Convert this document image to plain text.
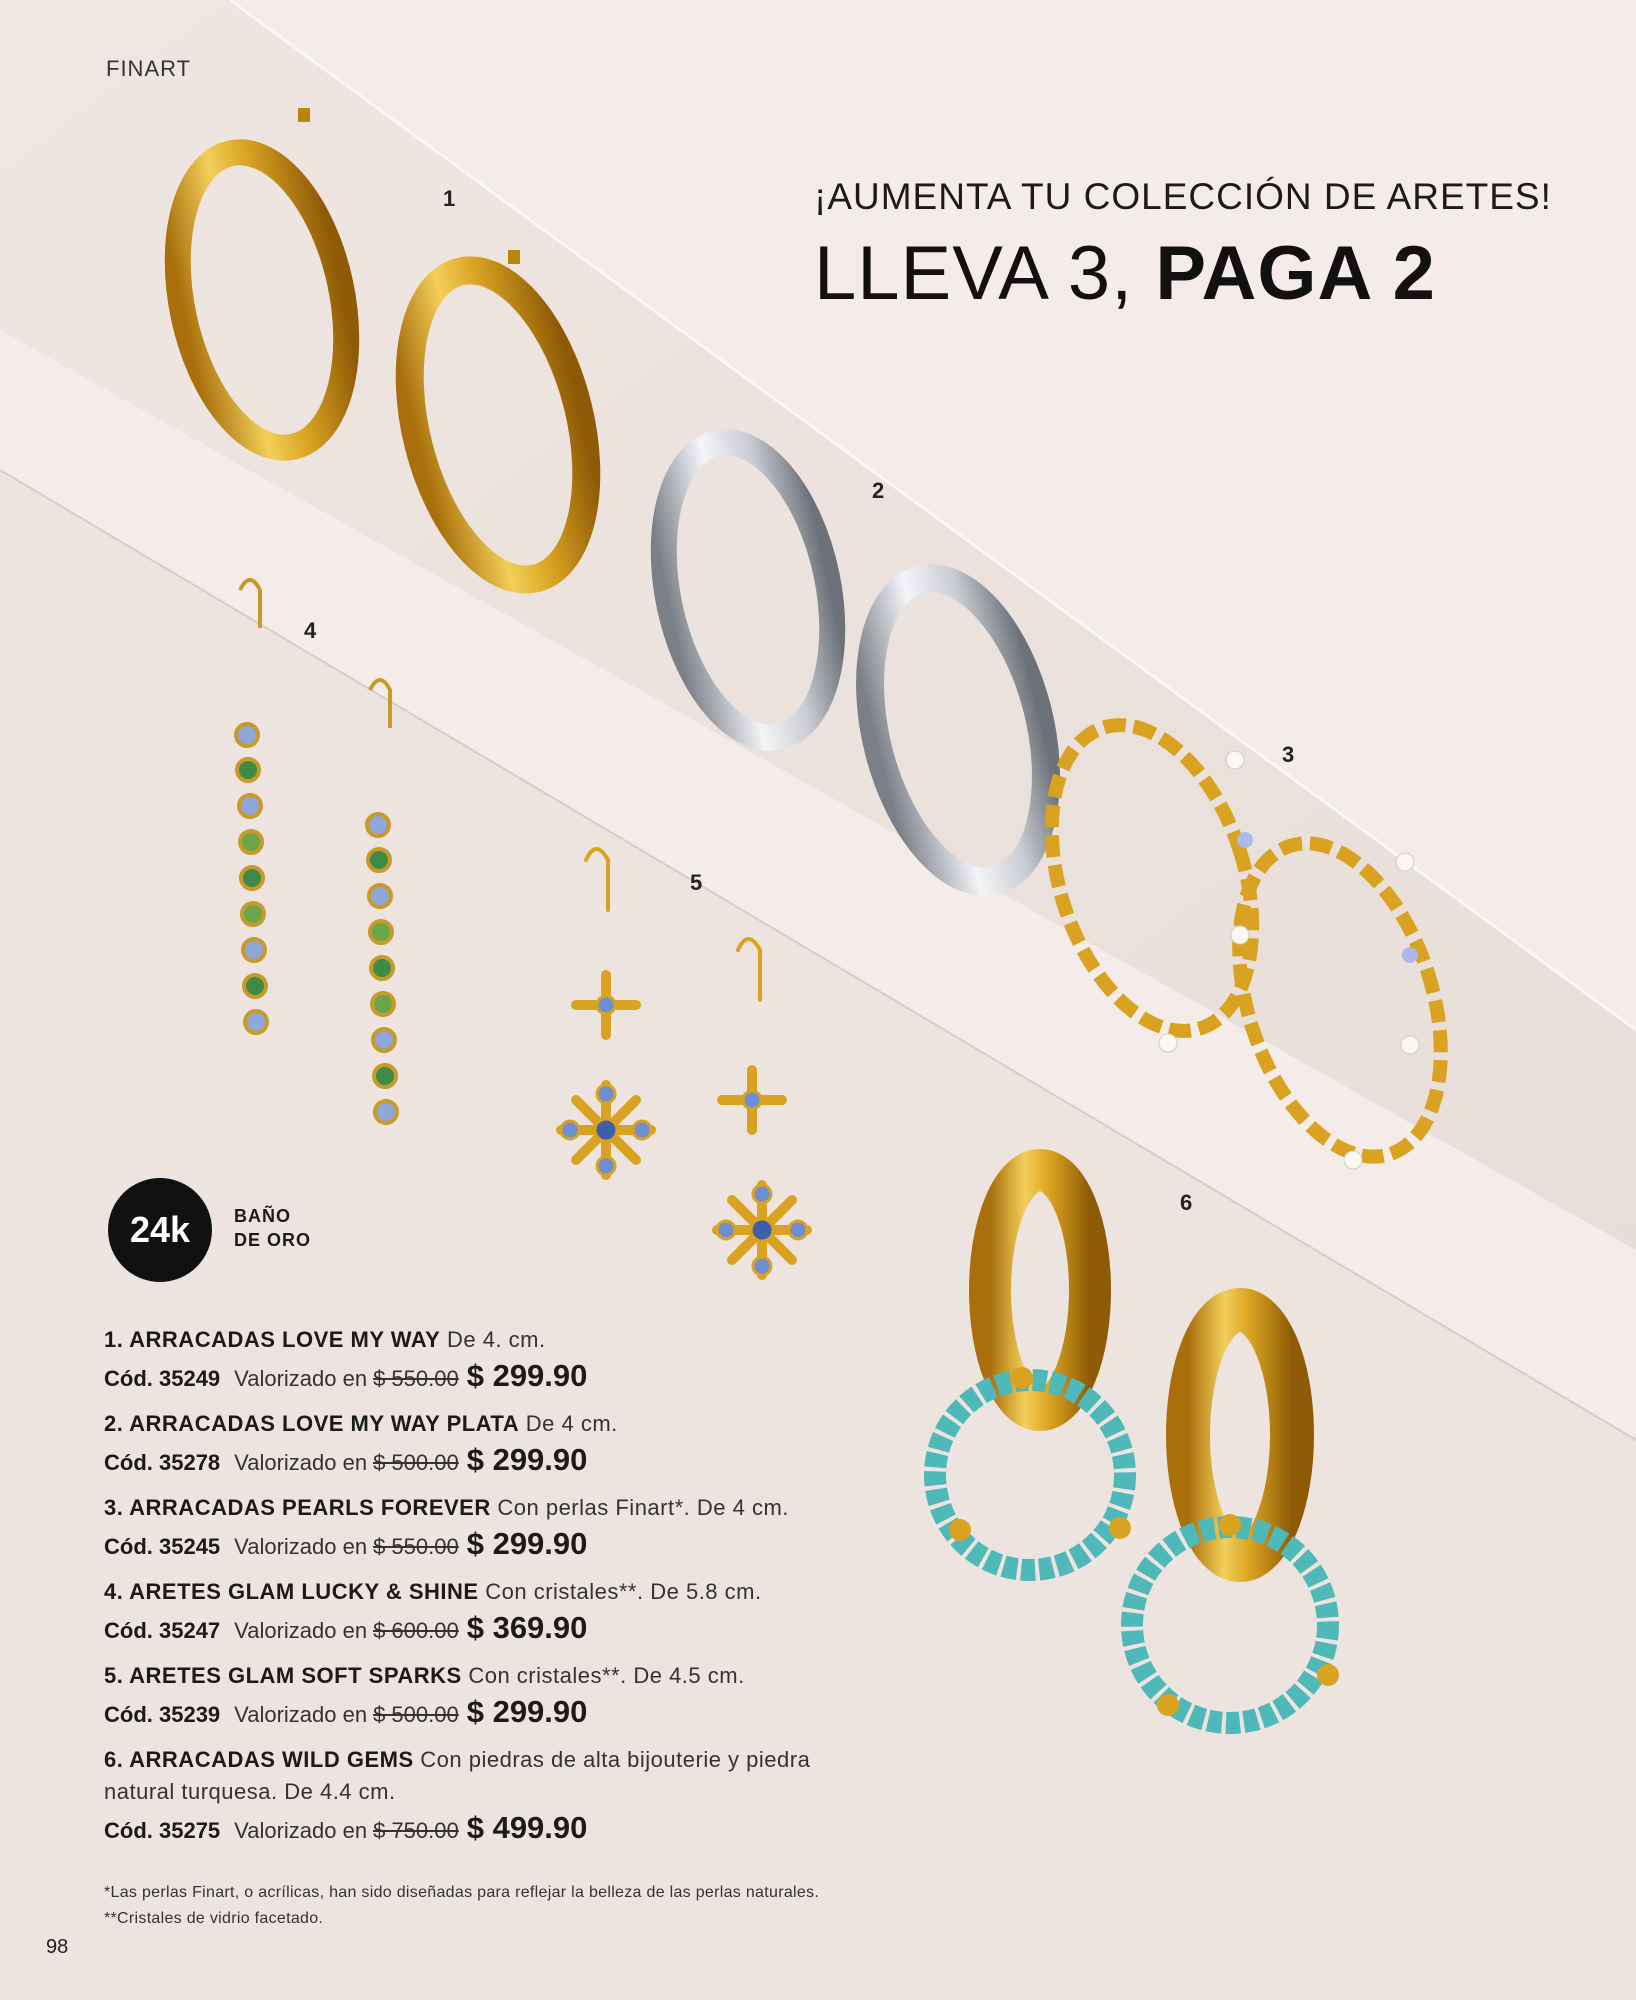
FINART
¡AUMENTA TU COLECCIÓN DE ARETES!
LLEVA 3, PAGA 2
1
2
3
4
5
6
24k	BAÑO
DE ORO
1. ARRACADAS LOVE MY WAY De 4. cm.
Cód. 35249 Valorizado en $ 550.00 $ 299.90
2. ARRACADAS LOVE MY WAY PLATA De 4 cm.
Cód. 35278 Valorizado en $ 500.00 $ 299.90
3. ARRACADAS PEARLS FOREVER Con perlas Finart*. De 4 cm.
Cód. 35245 Valorizado en $ 550.00 $ 299.90
4. ARETES GLAM LUCKY & SHINE Con cristales**. De 5.8 cm.
Cód. 35247 Valorizado en $ 600.00 $ 369.90
5. ARETES GLAM SOFT SPARKS Con cristales**. De 4.5 cm.
Cód. 35239 Valorizado en $ 500.00 $ 299.90
6. ARRACADAS WILD GEMS Con piedras de alta bijouterie y piedra natural turquesa. De 4.4 cm.
Cód. 35275 Valorizado en $ 750.00 $ 499.90
*Las perlas Finart, o acrílicas, han sido diseñadas para reflejar la belleza de las perlas naturales.
**Cristales de vidrio facetado.
98
